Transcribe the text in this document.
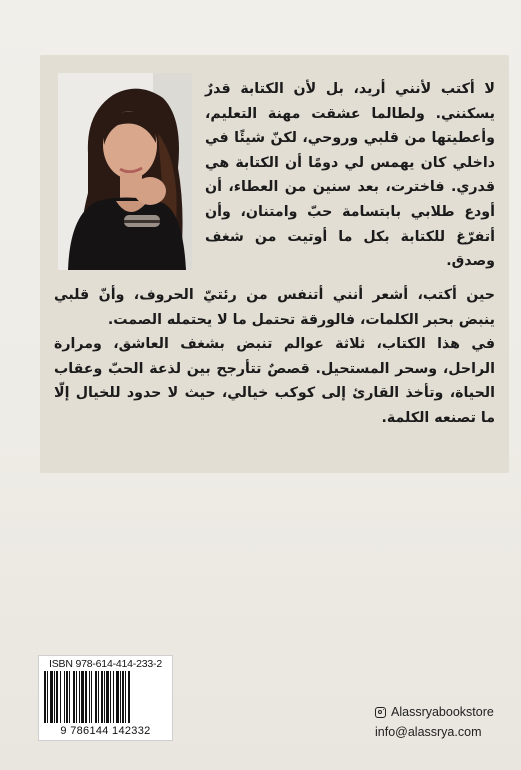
لا أكتب لأنني أريد، بل لأن الكتابة قدرٌ يسكنني. ولطالما عشقت مهنة التعليم، وأعطيتها من قلبي وروحي، لكنّ شيئًا في داخلي كان يهمس لي دومًا أن الكتابة هي قدري. فاخترت، بعد سنين من العطاء، أن أودع طلابي بابتسامة حبّ وامتنان، وأن أتفرّغ للكتابة بكل ما أوتيت من شغف وصدق.

حين أكتب، أشعر أنني أتنفس من رئتيّ الحروف، وأنّ قلبي ينبض بحبر الكلمات، فالورقة تحتمل ما لا يحتمله الصمت.

في هذا الكتاب، ثلاثة عوالم تنبض بشغف العاشق، ومرارة الراحل، وسحر المستحيل. قصصٌ تتأرجح بين لذعة الحبّ وعقاب الحياة، وتأخذ القارئ إلى كوكب خيالي، حيث لا حدود للخيال إلّا ما تصنعه الكلمة.

ISBN 978-614-414-233-2
9 786144 142332
Alassryabookstore
info@alassrya.com
